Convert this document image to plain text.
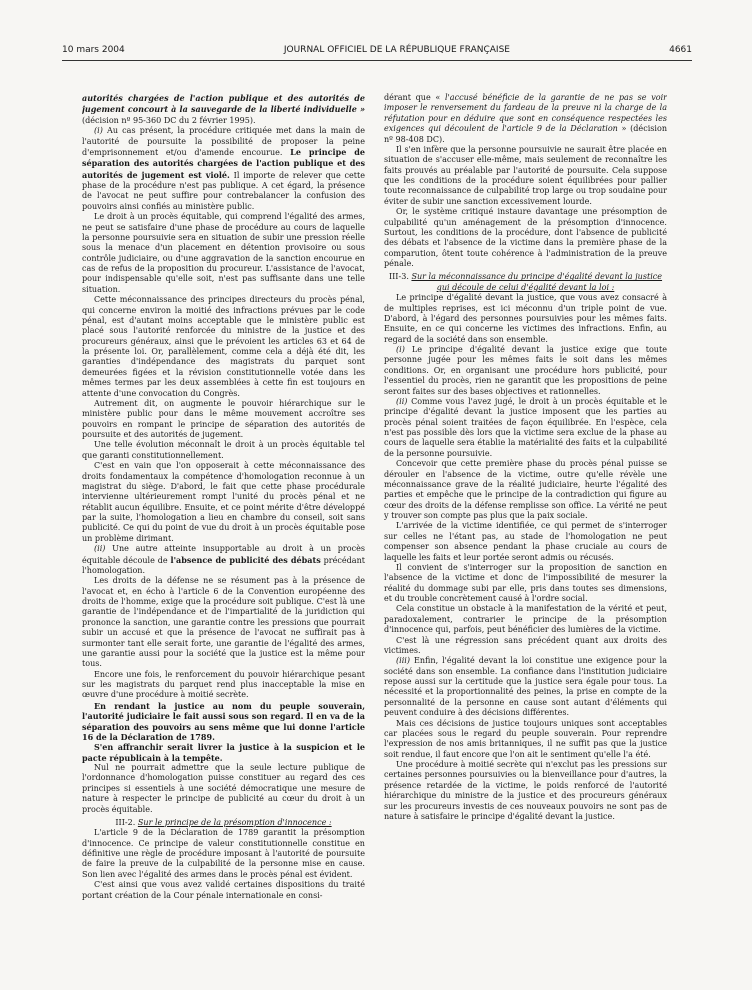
10 mars 2004	JOURNAL OFFICIEL DE LA RÉPUBLIQUE FRANÇAISE	4661

autorités chargées de l'action publique et des autorités de jugement concourt à la sauvegarde de la liberté individuelle » (décision nº 95-360 DC du 2 février 1995).

(i) Au cas présent, la procédure critiquée met dans la main de l'autorité de poursuite la possibilité de proposer la peine d'emprisonnement et/ou d'amende encourue. Le principe de séparation des autorités chargées de l'action publique et des autorités de jugement est violé. Il importe de relever que cette phase de la procédure n'est pas publique. A cet égard, la présence de l'avocat ne peut suffire pour contrebalancer la confusion des pouvoirs ainsi confiés au ministère public.

Le droit à un procès équitable, qui comprend l'égalité des armes, ne peut se satisfaire d'une phase de procédure au cours de laquelle la personne poursuivie sera en situation de subir une pression réelle sous la menace d'un placement en détention provisoire ou sous contrôle judiciaire, ou d'une aggravation de la sanction encourue en cas de refus de la proposition du procureur. L'assistance de l'avocat, pour indispensable qu'elle soit, n'est pas suffisante dans une telle situation.

Cette méconnaissance des principes directeurs du procès pénal, qui concerne environ la moitié des infractions prévues par le code pénal, est d'autant moins acceptable que le ministère public est placé sous l'autorité renforcée du ministre de la justice et des procureurs généraux, ainsi que le prévoient les articles 63 et 64 de la présente loi. Or, parallèlement, comme cela a déjà été dit, les garanties d'indépendance des magistrats du parquet sont demeurées figées et la révision constitutionnelle votée dans les mêmes termes par les deux assemblées à cette fin est toujours en attente d'une convocation du Congrès.

Autrement dit, on augmente le pouvoir hiérarchique sur le ministère public pour dans le même mouvement accroître ses pouvoirs en rompant le principe de séparation des autorités de poursuite et des autorités de jugement.

Une telle évolution méconnaît le droit à un procès équitable tel que garanti constitutionnellement.

C'est en vain que l'on opposerait à cette méconnaissance des droits fondamentaux la compétence d'homologation reconnue à un magistrat du siège. D'abord, le fait que cette phase procédurale intervienne ultérieurement rompt l'unité du procès pénal et ne rétablit aucun équilibre. Ensuite, et ce point mérite d'être développé par la suite, l'homologation a lieu en chambre du conseil, soit sans publicité. Ce qui du point de vue du droit à un procès équitable pose un problème dirimant.

(ii) Une autre atteinte insupportable au droit à un procès équitable découle de l'absence de publicité des débats précédant l'homologation.

Les droits de la défense ne se résument pas à la présence de l'avocat et, en écho à l'article 6 de la Convention européenne des droits de l'homme, exige que la procédure soit publique. C'est là une garantie de l'indépendance et de l'impartialité de la juridiction qui prononce la sanction, une garantie contre les pressions que pourrait subir un accusé et que la présence de l'avocat ne suffirait pas à surmonter tant elle serait forte, une garantie de l'égalité des armes, une garantie aussi pour la société que la justice est la même pour tous.

Encore une fois, le renforcement du pouvoir hiérarchique pesant sur les magistrats du parquet rend plus inacceptable la mise en œuvre d'une procédure à moitié secrète.

En rendant la justice au nom du peuple souverain, l'autorité judiciaire le fait aussi sous son regard. Il en va de la séparation des pouvoirs au sens même que lui donne l'article 16 de la Déclaration de 1789.

S'en affranchir serait livrer la justice à la suspicion et le pacte républicain à la tempête.

Nul ne pourrait admettre que la seule lecture publique de l'ordonnance d'homologation puisse constituer au regard des ces principes si essentiels à une société démocratique une mesure de nature à respecter le principe de publicité au cœur du droit à un procès équitable.

III-2. Sur le principe de la présomption d'innocence :

L'article 9 de la Déclaration de 1789 garantit la présomption d'innocence. Ce principe de valeur constitutionnelle constitue en définitive une règle de procédure imposant à l'autorité de poursuite de faire la preuve de la culpabilité de la personne mise en cause. Son lien avec l'égalité des armes dans le procès pénal est évident.

C'est ainsi que vous avez validé certaines dispositions du traité portant création de la Cour pénale internationale en consi-

dérant que « l'accusé bénéficie de la garantie de ne pas se voir imposer le renversement du fardeau de la preuve ni la charge de la réfutation pour en déduire que sont en conséquence respectées les exigences qui découlent de l'article 9 de la Déclaration » (décision nº 98-408 DC).

Il s'en infère que la personne poursuivie ne saurait être placée en situation de s'accuser elle-même, mais seulement de reconnaître les faits prouvés au préalable par l'autorité de poursuite. Cela suppose que les conditions de la procédure soient équilibrées pour pallier toute reconnaissance de culpabilité trop large ou trop soudaine pour éviter de subir une sanction excessivement lourde.

Or, le système critiqué instaure davantage une présomption de culpabilité qu'un aménagement de la présomption d'innocence. Surtout, les conditions de la procédure, dont l'absence de publicité des débats et l'absence de la victime dans la première phase de la comparution, ôtent toute cohérence à l'administration de la preuve pénale.

III-3. Sur la méconnaissance du principe d'égalité devant la justice qui découle de celui d'égalité devant la loi :

Le principe d'égalité devant la justice, que vous avez consacré à de multiples reprises, est ici méconnu d'un triple point de vue. D'abord, à l'égard des personnes poursuivies pour les mêmes faits. Ensuite, en ce qui concerne les victimes des infractions. Enfin, au regard de la société dans son ensemble.

(i) Le principe d'égalité devant la justice exige que toute personne jugée pour les mêmes faits le soit dans les mêmes conditions. Or, en organisant une procédure hors publicité, pour l'essentiel du procès, rien ne garantit que les propositions de peine seront faites sur des bases objectives et rationnelles.

(ii) Comme vous l'avez jugé, le droit à un procès équitable et le principe d'égalité devant la justice imposent que les parties au procès pénal soient traitées de façon équilibrée. En l'espèce, cela n'est pas possible dès lors que la victime sera exclue de la phase au cours de laquelle sera établie la matérialité des faits et la culpabilité de la personne poursuivie.

Concevoir que cette première phase du procès pénal puisse se dérouler en l'absence de la victime, outre qu'elle révèle une méconnaissance grave de la réalité judiciaire, heurte l'égalité des parties et empêche que le principe de la contradiction qui figure au cœur des droits de la défense remplisse son office. La vérité ne peut y trouver son compte pas plus que la paix sociale.

L'arrivée de la victime identifiée, ce qui permet de s'interroger sur celles ne l'étant pas, au stade de l'homologation ne peut compenser son absence pendant la phase cruciale au cours de laquelle les faits et leur portée seront admis ou récusés.

Il convient de s'interroger sur la proposition de sanction en l'absence de la victime et donc de l'impossibilité de mesurer la réalité du dommage subi par elle, pris dans toutes ses dimensions, et du trouble concrètement causé à l'ordre social.

Cela constitue un obstacle à la manifestation de la vérité et peut, paradoxalement, contrarier le principe de la présomption d'innocence qui, parfois, peut bénéficier des lumières de la victime.

C'est là une régression sans précédent quant aux droits des victimes.

(iii) Enfin, l'égalité devant la loi constitue une exigence pour la société dans son ensemble. La confiance dans l'institution judiciaire repose aussi sur la certitude que la justice sera égale pour tous. La nécessité et la proportionnalité des peines, la prise en compte de la personnalité de la personne en cause sont autant d'éléments qui peuvent conduire à des décisions différentes.

Mais ces décisions de justice toujours uniques sont acceptables car placées sous le regard du peuple souverain. Pour reprendre l'expression de nos amis britanniques, il ne suffit pas que la justice soit rendue, il faut encore que l'on ait le sentiment qu'elle l'a été.

Une procédure à moitié secrète qui n'exclut pas les pressions sur certaines personnes poursuivies ou la bienveillance pour d'autres, la présence retardée de la victime, le poids renforcé de l'autorité hiérarchique du ministre de la justice et des procureurs généraux sur les procureurs investis de ces nouveaux pouvoirs ne sont pas de nature à satisfaire le principe d'égalité devant la justice.
